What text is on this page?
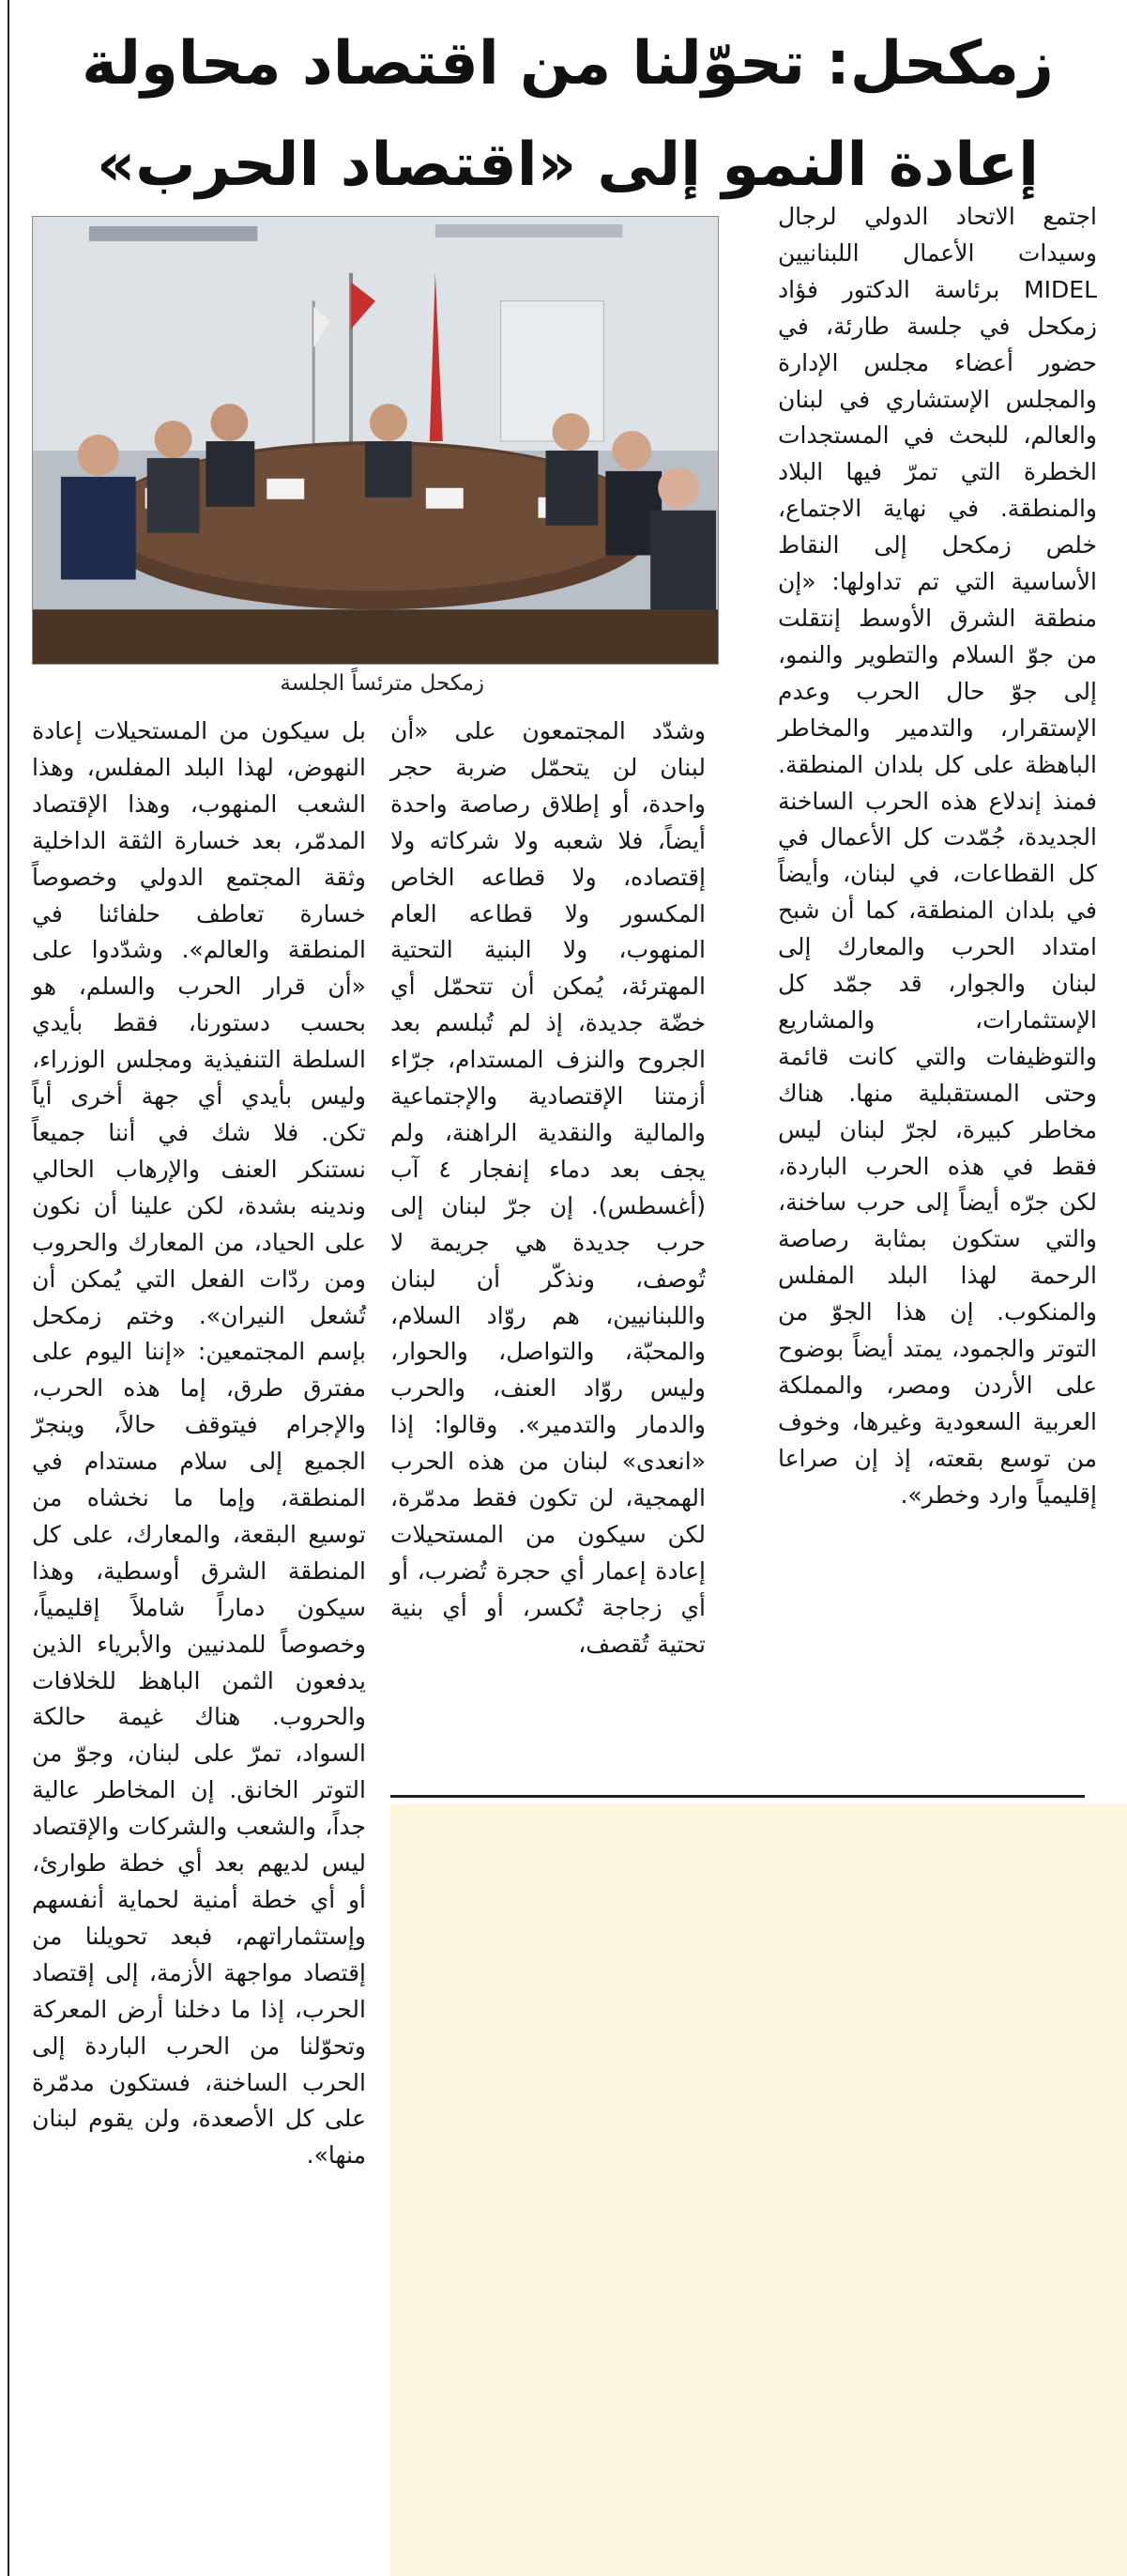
زمكحل: تحوّلنا من اقتصاد محاولة
إعادة النمو إلى «اقتصاد الحرب»
زمكحل مترئساً الجلسة

اجتمع الاتحاد الدولي لرجال وسيدات الأعمال اللبنانيين MIDEL برئاسة الدكتور فؤاد زمكحل في جلسة طارئة، في حضور أعضاء مجلس الإدارة والمجلس الإستشاري في لبنان والعالم، للبحث في المستجدات الخطرة التي تمرّ فيها البلاد والمنطقة. في نهاية الاجتماع، خلص زمكحل إلى النقاط الأساسية التي تم تداولها: «إن منطقة الشرق الأوسط إنتقلت من جوّ السلام والتطوير والنمو، إلى جوّ حال الحرب وعدم الإستقرار، والتدمير والمخاطر الباهظة على كل بلدان المنطقة. فمنذ إندلاع هذه الحرب الساخنة الجديدة، جُمّدت كل الأعمال في كل القطاعات، في لبنان، وأيضاً في بلدان المنطقة، كما أن شبح امتداد الحرب والمعارك إلى لبنان والجوار، قد جمّد كل الإستثمارات، والمشاريع والتوظيفات والتي كانت قائمة وحتى المستقبلية منها. هناك مخاطر كبيرة، لجرّ لبنان ليس فقط في هذه الحرب الباردة، لكن جرّه أيضاً إلى حرب ساخنة، والتي ستكون بمثابة رصاصة الرحمة لهذا البلد المفلس والمنكوب. إن هذا الجوّ من التوتر والجمود، يمتد أيضاً بوضوح على الأردن ومصر، والمملكة العربية السعودية وغيرها، وخوف من توسع بقعته، إذ إن صراعا إقليمياً وارد وخطر».

وشدّد المجتمعون على «أن لبنان لن يتحمّل ضربة حجر واحدة، أو إطلاق رصاصة واحدة أيضاً، فلا شعبه ولا شركاته ولا إقتصاده، ولا قطاعه الخاص المكسور ولا قطاعه العام المنهوب، ولا البنية التحتية المهترئة، يُمكن أن تتحمّل أي خضّة جديدة، إذ لم تُبلسم بعد الجروح والنزف المستدام، جرّاء أزمتنا الإقتصادية والإجتماعية والمالية والنقدية الراهنة، ولم يجف بعد دماء إنفجار ٤ آب (أغسطس). إن جرّ لبنان إلى حرب جديدة هي جريمة لا تُوصف، ونذكّر أن لبنان واللبنانيين، هم روّاد السلام، والمحبّة، والتواصل، والحوار، وليس روّاد العنف، والحرب والدمار والتدمير». وقالوا: إذا «انعدى» لبنان من هذه الحرب الهمجية، لن تكون فقط مدمّرة، لكن سيكون من المستحيلات إعادة إعمار أي حجرة تُضرب، أو أي زجاجة تُكسر، أو أي بنية تحتية تُقصف،

بل سيكون من المستحيلات إعادة النهوض، لهذا البلد المفلس، وهذا الشعب المنهوب، وهذا الإقتصاد المدمّر، بعد خسارة الثقة الداخلية وثقة المجتمع الدولي وخصوصاً خسارة تعاطف حلفائنا في المنطقة والعالم». وشدّدوا على «أن قرار الحرب والسلم، هو بحسب دستورنا، فقط بأيدي السلطة التنفيذية ومجلس الوزراء، وليس بأيدي أي جهة أخرى أياً تكن. فلا شك في أننا جميعاً نستنكر العنف والإرهاب الحالي وندينه بشدة، لكن علينا أن نكون على الحياد، من المعارك والحروب ومن ردّات الفعل التي يُمكن أن تُشعل النيران». وختم زمكحل بإسم المجتمعين: «إننا اليوم على مفترق طرق، إما هذه الحرب، والإجرام فيتوقف حالاً، وينجرّ الجميع إلى سلام مستدام في المنطقة، وإما ما نخشاه من توسيع البقعة، والمعارك، على كل المنطقة الشرق أوسطية، وهذا سيكون دماراً شاملاً إقليمياً، وخصوصاً للمدنيين والأبرياء الذين يدفعون الثمن الباهظ للخلافات والحروب. هناك غيمة حالكة السواد، تمرّ على لبنان، وجوّ من التوتر الخانق. إن المخاطر عالية جداً، والشعب والشركات والإقتصاد ليس لديهم بعد أي خطة طوارئ، أو أي خطة أمنية لحماية أنفسهم وإستثماراتهم، فبعد تحويلنا من إقتصاد مواجهة الأزمة، إلى إقتصاد الحرب، إذا ما دخلنا أرض المعركة وتحوّلنا من الحرب الباردة إلى الحرب الساخنة، فستكون مدمّرة على كل الأصعدة، ولن يقوم لبنان منها».
